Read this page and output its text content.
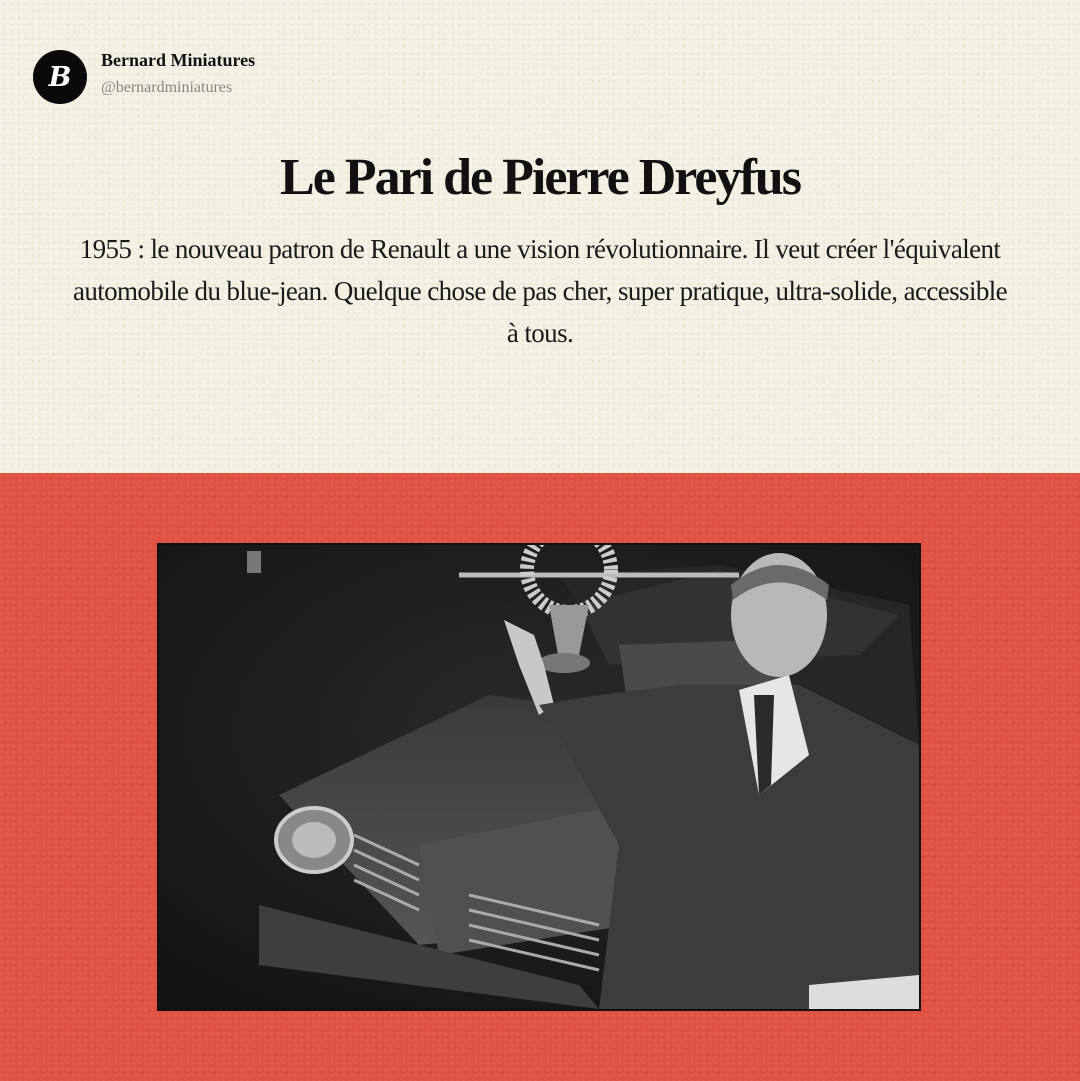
B
Bernard Miniatures
@bernardminiatures
Le Pari de Pierre Dreyfus
1955 : le nouveau patron de Renault a une vision révolutionnaire. Il veut créer l'équivalent automobile du blue-jean. Quelque chose de pas cher, super pratique, ultra-solide, accessible à tous.
